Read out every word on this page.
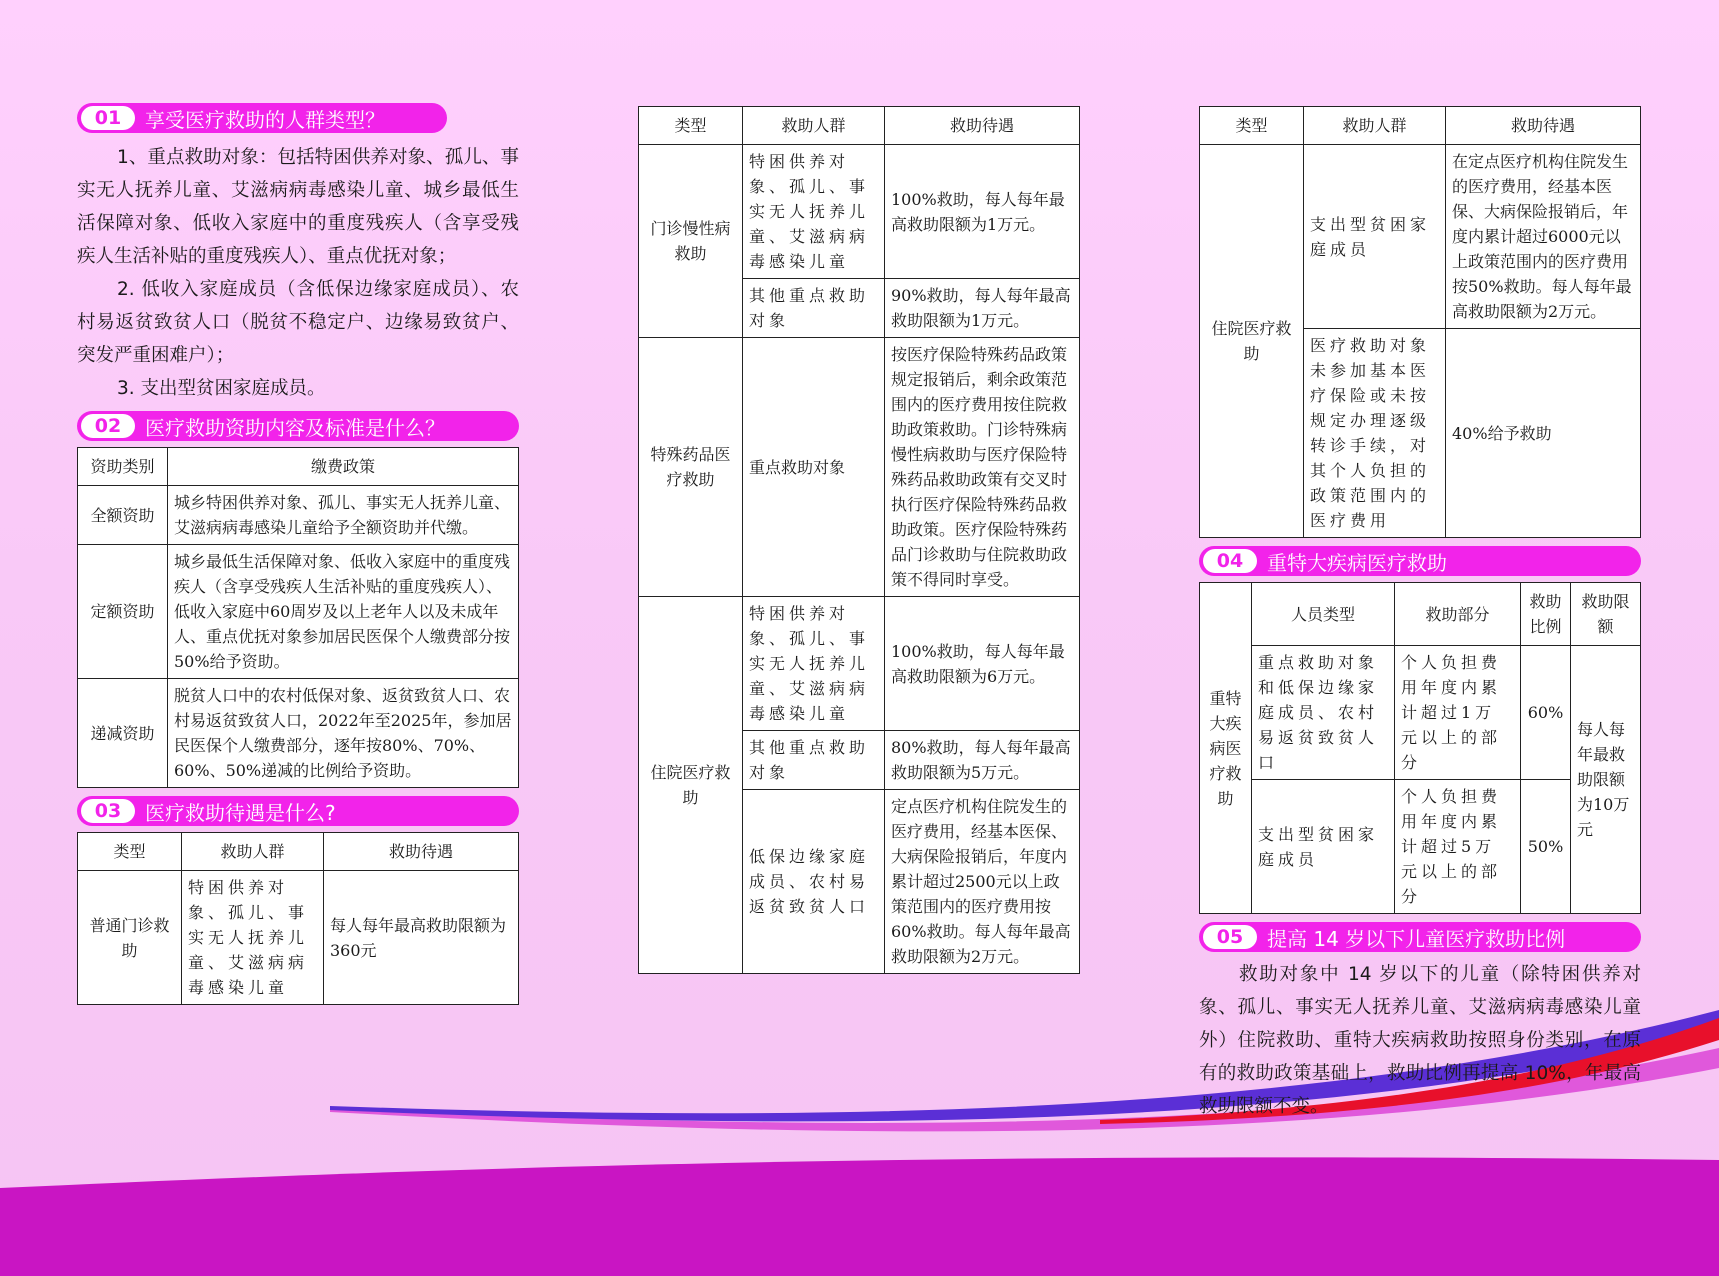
01	享受医疗救助的人群类型？

1、重点救助对象：包括特困供养对象、孤儿、事实无人抚养儿童、艾滋病病毒感染儿童、城乡最低生活保障对象、低收入家庭中的重度残疾人（含享受残疾人生活补贴的重度残疾人）、重点优抚对象；

2. 低收入家庭成员（含低保边缘家庭成员）、农村易返贫致贫人口（脱贫不稳定户、边缘易致贫户、突发严重困难户）；

3. 支出型贫困家庭成员。

02	医疗救助资助内容及标准是什么？
资助类别	缴费政策
全额资助	城乡特困供养对象、孤儿、事实无人抚养儿童、艾滋病病毒感染儿童给予全额资助并代缴。
定额资助	城乡最低生活保障对象、低收入家庭中的重度残疾人（含享受残疾人生活补贴的重度残疾人）、低收入家庭中60周岁及以上老年人以及未成年人、重点优抚对象参加居民医保个人缴费部分按50%给予资助。
递减资助	脱贫人口中的农村低保对象、返贫致贫人口、农村易返贫致贫人口，2022年至2025年，参加居民医保个人缴费部分，逐年按80%、70%、60%、50%递减的比例给予资助。
03	医疗救助待遇是什么?
类型	救助人群	救助待遇
普通门诊救助	特困供养对象、孤儿、事实无人抚养儿童、艾滋病病毒感染儿童	每人每年最高救助限额为360元
类型	救助人群	救助待遇
门诊慢性病救助	特困供养对象、孤儿、事实无人抚养儿童、艾滋病病毒感染儿童	100%救助，每人每年最高救助限额为1万元。
	其他重点救助对象	90%救助，每人每年最高救助限额为1万元。
特殊药品医疗救助	重点救助对象	按医疗保险特殊药品政策规定报销后，剩余政策范围内的医疗费用按住院救助政策救助。门诊特殊病慢性病救助与医疗保险特殊药品救助政策有交叉时执行医疗保险特殊药品救助政策。医疗保险特殊药品门诊救助与住院救助政策不得同时享受。
住院医疗救助	特困供养对象、孤儿、事实无人抚养儿童、艾滋病病毒感染儿童	100%救助，每人每年最高救助限额为6万元。
	其他重点救助对象	80%救助，每人每年最高救助限额为5万元。
	低保边缘家庭成员、农村易返贫致贫人口	定点医疗机构住院发生的医疗费用，经基本医保、大病保险报销后，年度内累计超过2500元以上政策范围内的医疗费用按60%救助。每人每年最高救助限额为2万元。
类型	救助人群	救助待遇
住院医疗救助	支出型贫困家庭成员	在定点医疗机构住院发生的医疗费用，经基本医保、大病保险报销后，年度内累计超过6000元以上政策范围内的医疗费用按50%救助。每人每年最高救助限额为2万元。
	医疗救助对象未参加基本医疗保险或未按规定办理逐级转诊手续，对其个人负担的政策范围内的医疗费用	40%给予救助
04	重特大疾病医疗救助
重特大疾病医疗救助	人员类型	救助部分	救助比例	救助限额
	重点救助对象和低保边缘家庭成员、农村易返贫致贫人口	个人负担费用年度内累计超过1万元以上的部分	60%	每人每年最救助限额为10万元
	支出型贫困家庭成员	个人负担费用年度内累计超过5万元以上的部分	50%	
05	提高 14 岁以下儿童医疗救助比例

救助对象中 14 岁以下的儿童（除特困供养对象、孤儿、事实无人抚养儿童、艾滋病病毒感染儿童外）住院救助、重特大疾病救助按照身份类别，在原有的救助政策基础上，救助比例再提高 10%，年最高救助限额不变。
